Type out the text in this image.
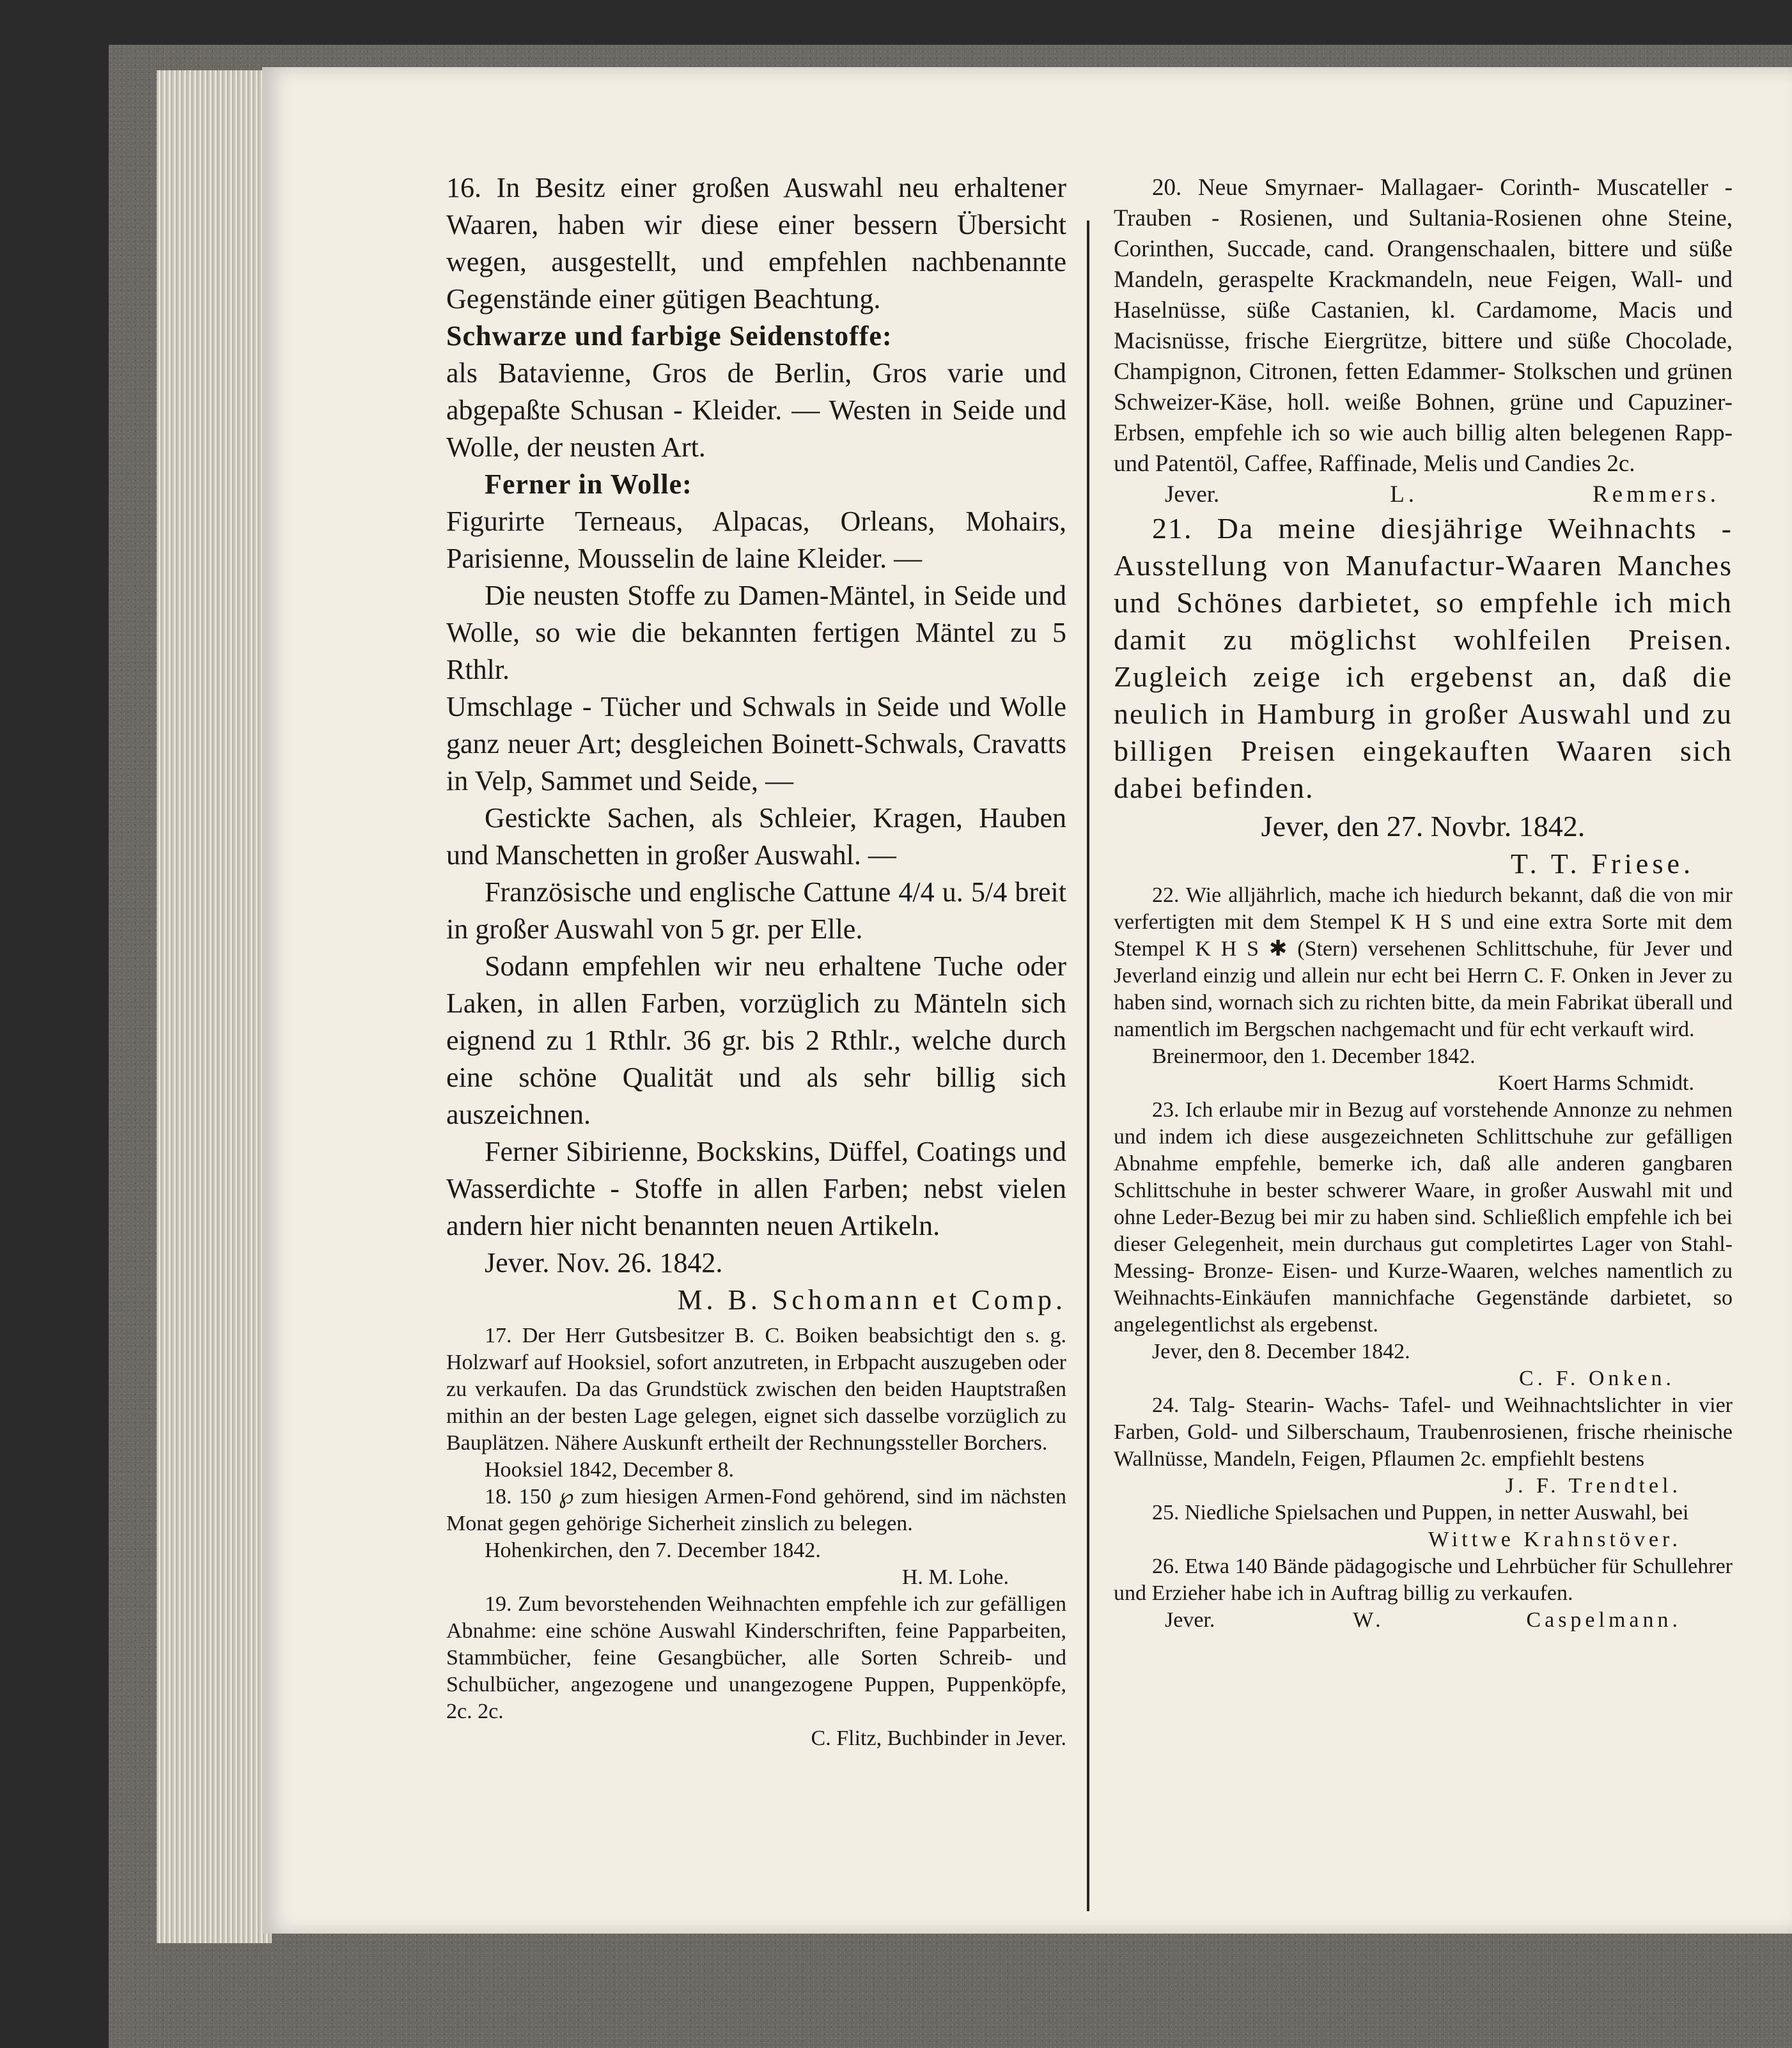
16. In Besitz einer großen Auswahl neu erhaltener Waaren, haben wir diese einer bessern Übersicht wegen, ausgestellt, und empfehlen nachbenannte Gegenstände einer gütigen Beachtung.

Schwarze und farbige Seidenstoffe:

als Batavienne, Gros de Berlin, Gros varie und abgepaßte Schusan - Kleider. — Westen in Seide und Wolle, der neusten Art.

Ferner in Wolle:

Figurirte Terneaus, Alpacas, Orleans, Mohairs, Parisienne, Mousselin de laine Kleider. —

Die neusten Stoffe zu Damen-Mäntel, in Seide und Wolle, so wie die bekannten fertigen Mäntel zu 5 Rthlr.

Umschlage - Tücher und Schwals in Seide und Wolle ganz neuer Art; desgleichen Boinett-Schwals, Cravatts in Velp, Sammet und Seide, —

Gestickte Sachen, als Schleier, Kragen, Hauben und Manschetten in großer Auswahl. —

Französische und englische Cattune 4/4 u. 5/4 breit in großer Auswahl von 5 gr. per Elle.

Sodann empfehlen wir neu erhaltene Tuche oder Laken, in allen Farben, vorzüglich zu Mänteln sich eignend zu 1 Rthlr. 36 gr. bis 2 Rthlr., welche durch eine schöne Qualität und als sehr billig sich auszeichnen.

Ferner Sibirienne, Bockskins, Düffel, Coatings und Wasserdichte - Stoffe in allen Farben; nebst vielen andern hier nicht benannten neuen Artikeln.

Jever. Nov. 26. 1842.

M. B. Schomann et Comp.

17. Der Herr Gutsbesitzer B. C. Boiken beabsichtigt den s. g. Holzwarf auf Hooksiel, sofort anzutreten, in Erbpacht auszugeben oder zu verkaufen. Da das Grundstück zwischen den beiden Hauptstraßen mithin an der besten Lage gelegen, eignet sich dasselbe vorzüglich zu Bauplätzen. Nähere Auskunft ertheilt der Rechnungssteller Borchers.

Hooksiel 1842, December 8.

18. 150 ℘ zum hiesigen Armen-Fond gehörend, sind im nächsten Monat gegen gehörige Sicherheit zinslich zu belegen.

Hohenkirchen, den 7. December 1842.

H. M. Lohe.

19. Zum bevorstehenden Weihnachten empfehle ich zur gefälligen Abnahme: eine schöne Auswahl Kinderschriften, feine Papparbeiten, Stammbücher, feine Gesangbücher, alle Sorten Schreib- und Schulbücher, angezogene und unangezogene Puppen, Puppenköpfe, 2c. 2c.

C. Flitz, Buchbinder in Jever.

20. Neue Smyrnaer- Mallagaer- Corinth- Muscateller - Trauben - Rosienen, und Sultania-Rosienen ohne Steine, Corinthen, Succade, cand. Orangenschaalen, bittere und süße Mandeln, geraspelte Krackmandeln, neue Feigen, Wall- und Haselnüsse, süße Castanien, kl. Cardamome, Macis und Macisnüsse, frische Eiergrütze, bittere und süße Chocolade, Champignon, Citronen, fetten Edammer- Stolkschen und grünen Schweizer-Käse, holl. weiße Bohnen, grüne und Capuziner-Erbsen, empfehle ich so wie auch billig alten belegenen Rapp- und Patentöl, Caffee, Raffinade, Melis und Candies 2c.

Jever.	L. Remmers.

21. Da meine diesjährige Weihnachts - Ausstellung von Manufactur-Waaren Manches und Schönes darbietet, so empfehle ich mich damit zu möglichst wohlfeilen Preisen. Zugleich zeige ich ergebenst an, daß die neulich in Hamburg in großer Auswahl und zu billigen Preisen eingekauften Waaren sich dabei befinden.

Jever, den 27. Novbr. 1842.

T. T. Friese.

22. Wie alljährlich, mache ich hiedurch bekannt, daß die von mir verfertigten mit dem Stempel K H S und eine extra Sorte mit dem Stempel K H S ✱ (Stern) versehenen Schlittschuhe, für Jever und Jeverland einzig und allein nur echt bei Herrn C. F. Onken in Jever zu haben sind, wornach sich zu richten bitte, da mein Fabrikat überall und namentlich im Bergschen nachgemacht und für echt verkauft wird.

Breinermoor, den 1. December 1842.

Koert Harms Schmidt.

23. Ich erlaube mir in Bezug auf vorstehende Annonze zu nehmen und indem ich diese ausgezeichneten Schlittschuhe zur gefälligen Abnahme empfehle, bemerke ich, daß alle anderen gangbaren Schlittschuhe in bester schwerer Waare, in großer Auswahl mit und ohne Leder-Bezug bei mir zu haben sind. Schließlich empfehle ich bei dieser Gelegenheit, mein durchaus gut completirtes Lager von Stahl- Messing- Bronze- Eisen- und Kurze-Waaren, welches namentlich zu Weihnachts-Einkäufen mannichfache Gegenstände darbietet, so angelegentlichst als ergebenst.

Jever, den 8. December 1842.

C. F. Onken.

24. Talg- Stearin- Wachs- Tafel- und Weihnachtslichter in vier Farben, Gold- und Silberschaum, Traubenrosienen, frische rheinische Wallnüsse, Mandeln, Feigen, Pflaumen 2c. empfiehlt bestens

J. F. Trendtel.

25. Niedliche Spielsachen und Puppen, in netter Auswahl, bei

Wittwe Krahnstöver.

26. Etwa 140 Bände pädagogische und Lehrbücher für Schullehrer und Erzieher habe ich in Auftrag billig zu verkaufen.

Jever.	W. Caspelmann.
